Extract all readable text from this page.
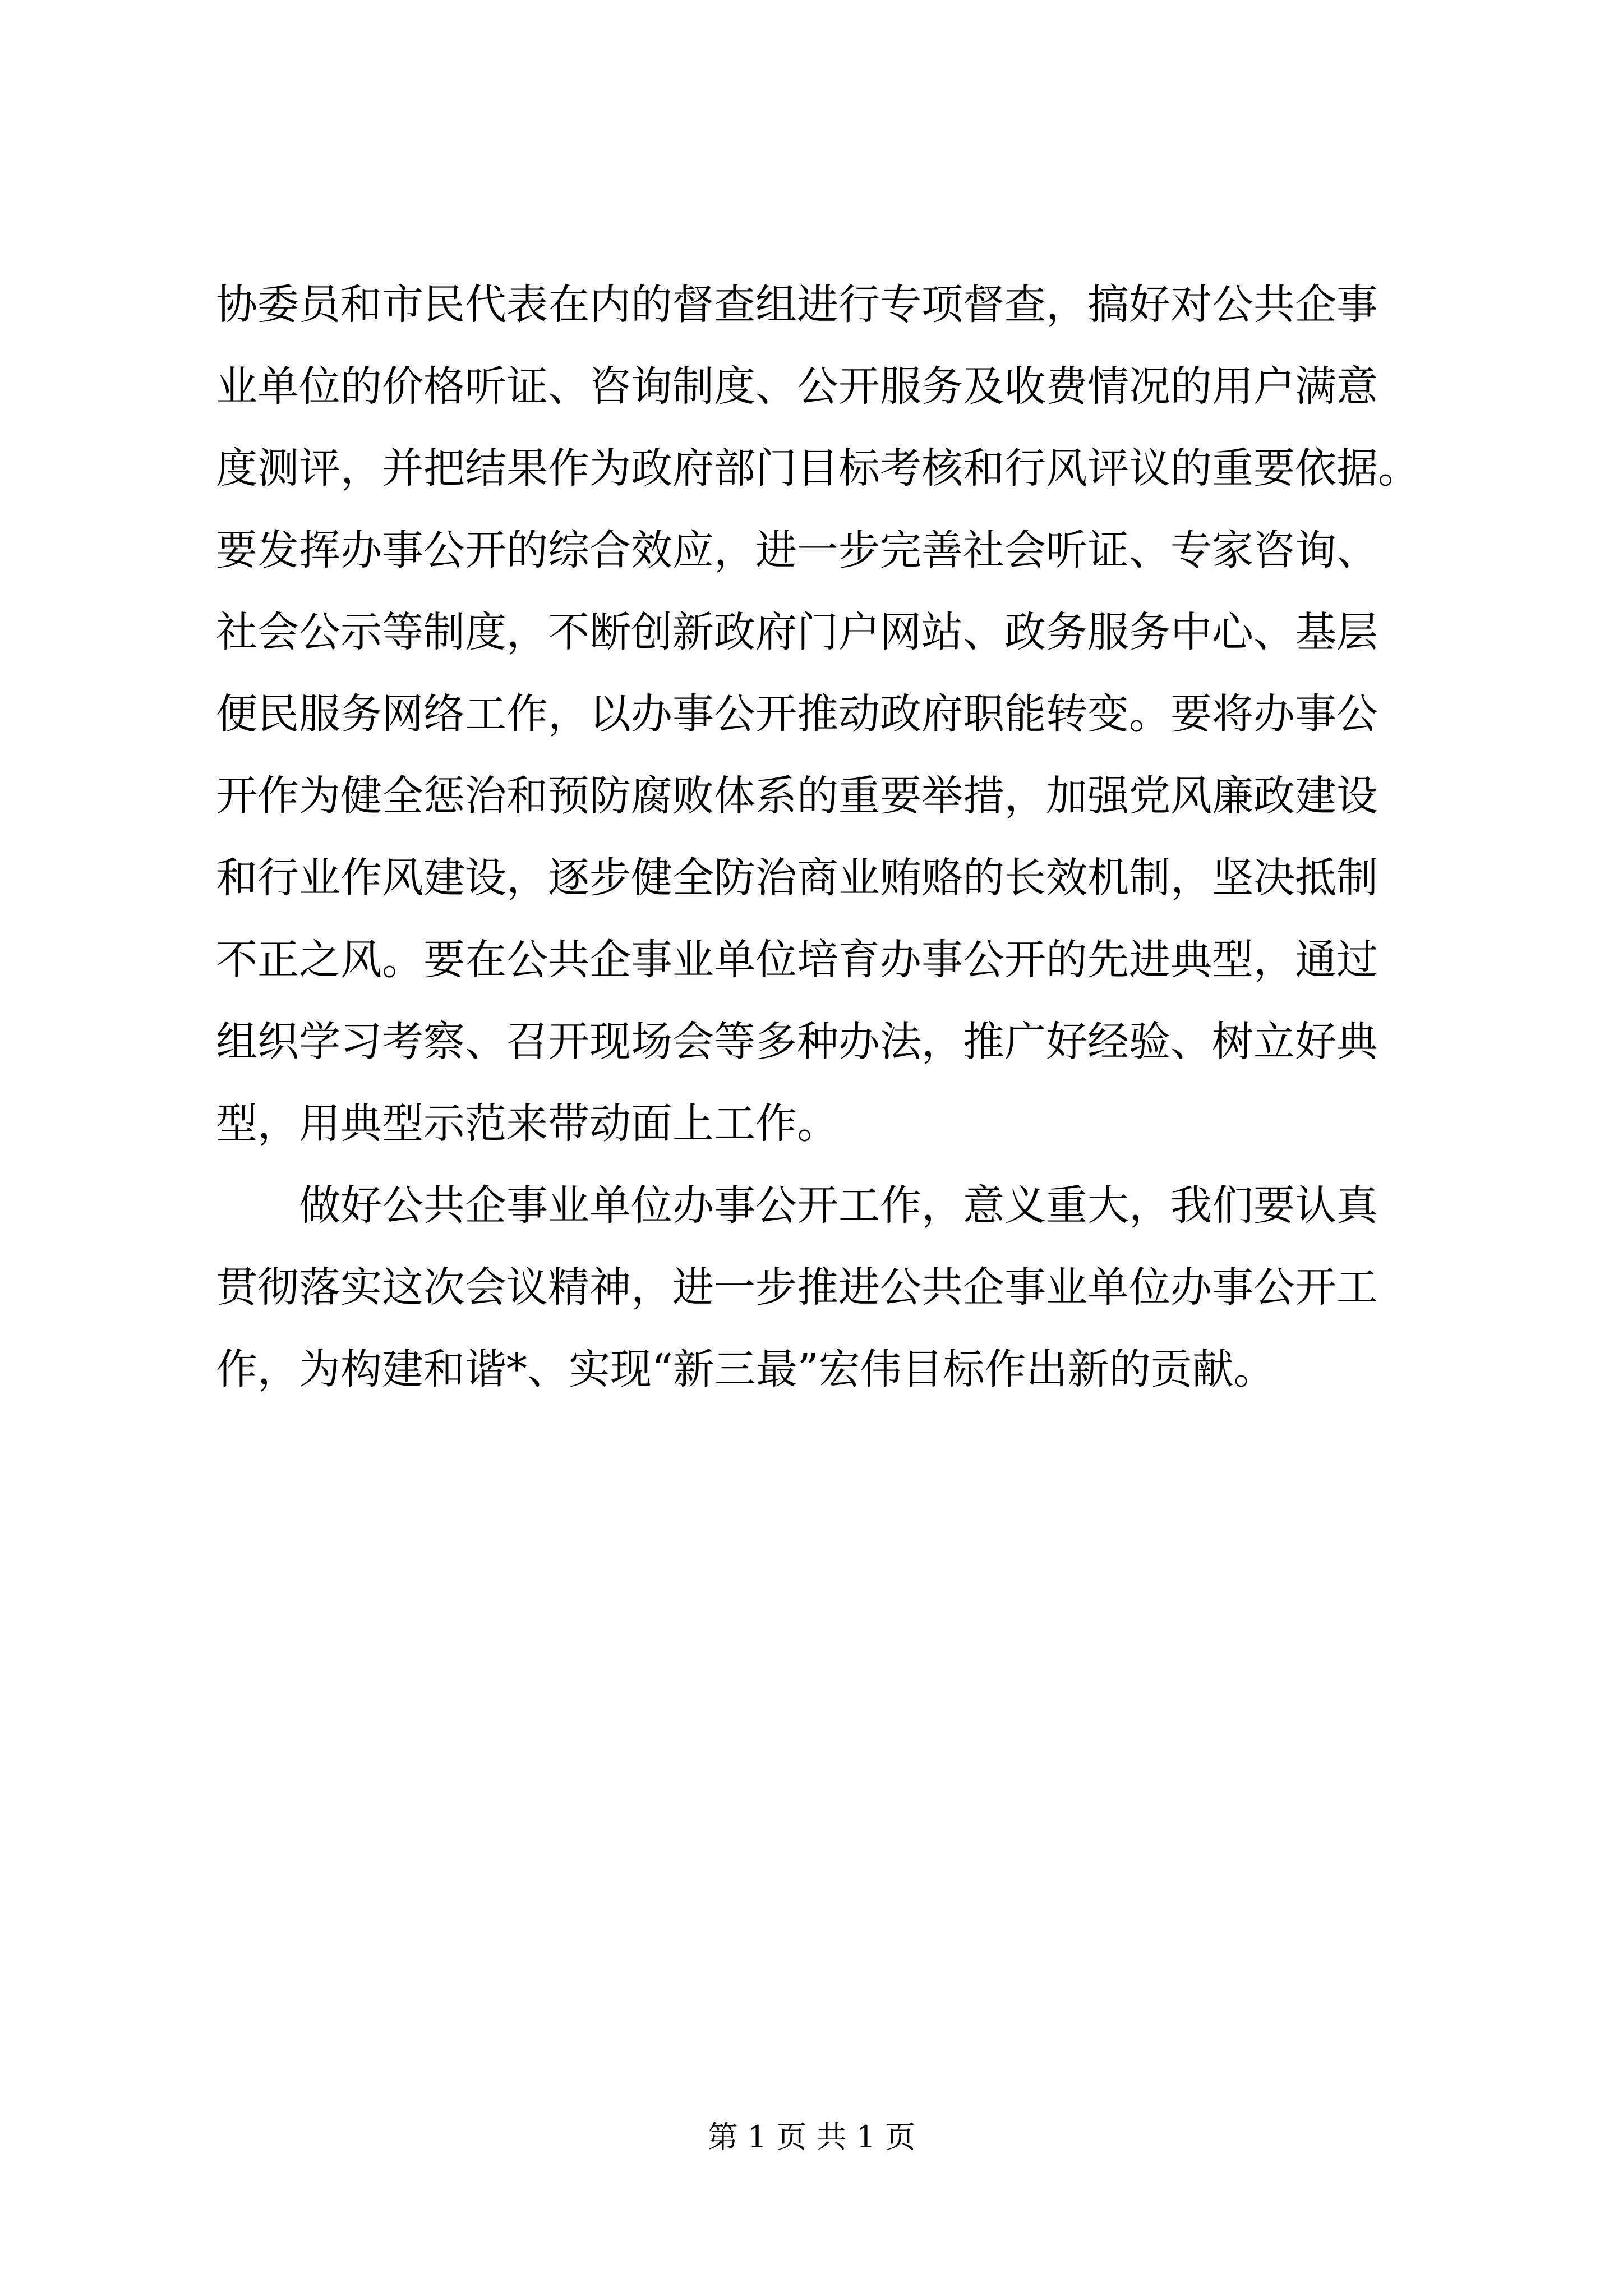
协委员和市民代表在内的督查组进行专项督查，搞好对公共企事
业单位的价格听证、咨询制度、公开服务及收费情况的用户满意
度测评，并把结果作为政府部门目标考核和行风评议的重要依据。
要发挥办事公开的综合效应，进一步完善社会听证、专家咨询、
社会公示等制度，不断创新政府门户网站、政务服务中心、基层
便民服务网络工作，以办事公开推动政府职能转变。要将办事公
开作为健全惩治和预防腐败体系的重要举措，加强党风廉政建设
和行业作风建设，逐步健全防治商业贿赂的长效机制，坚决抵制
不正之风。要在公共企事业单位培育办事公开的先进典型，通过
组织学习考察、召开现场会等多种办法，推广好经验、树立好典
型，用典型示范来带动面上工作。
做好公共企事业单位办事公开工作，意义重大，我们要认真
贯彻落实这次会议精神，进一步推进公共企事业单位办事公开工
作，为构建和谐*、实现“新三最”宏伟目标作出新的贡献。
第 1 页 共 1 页
